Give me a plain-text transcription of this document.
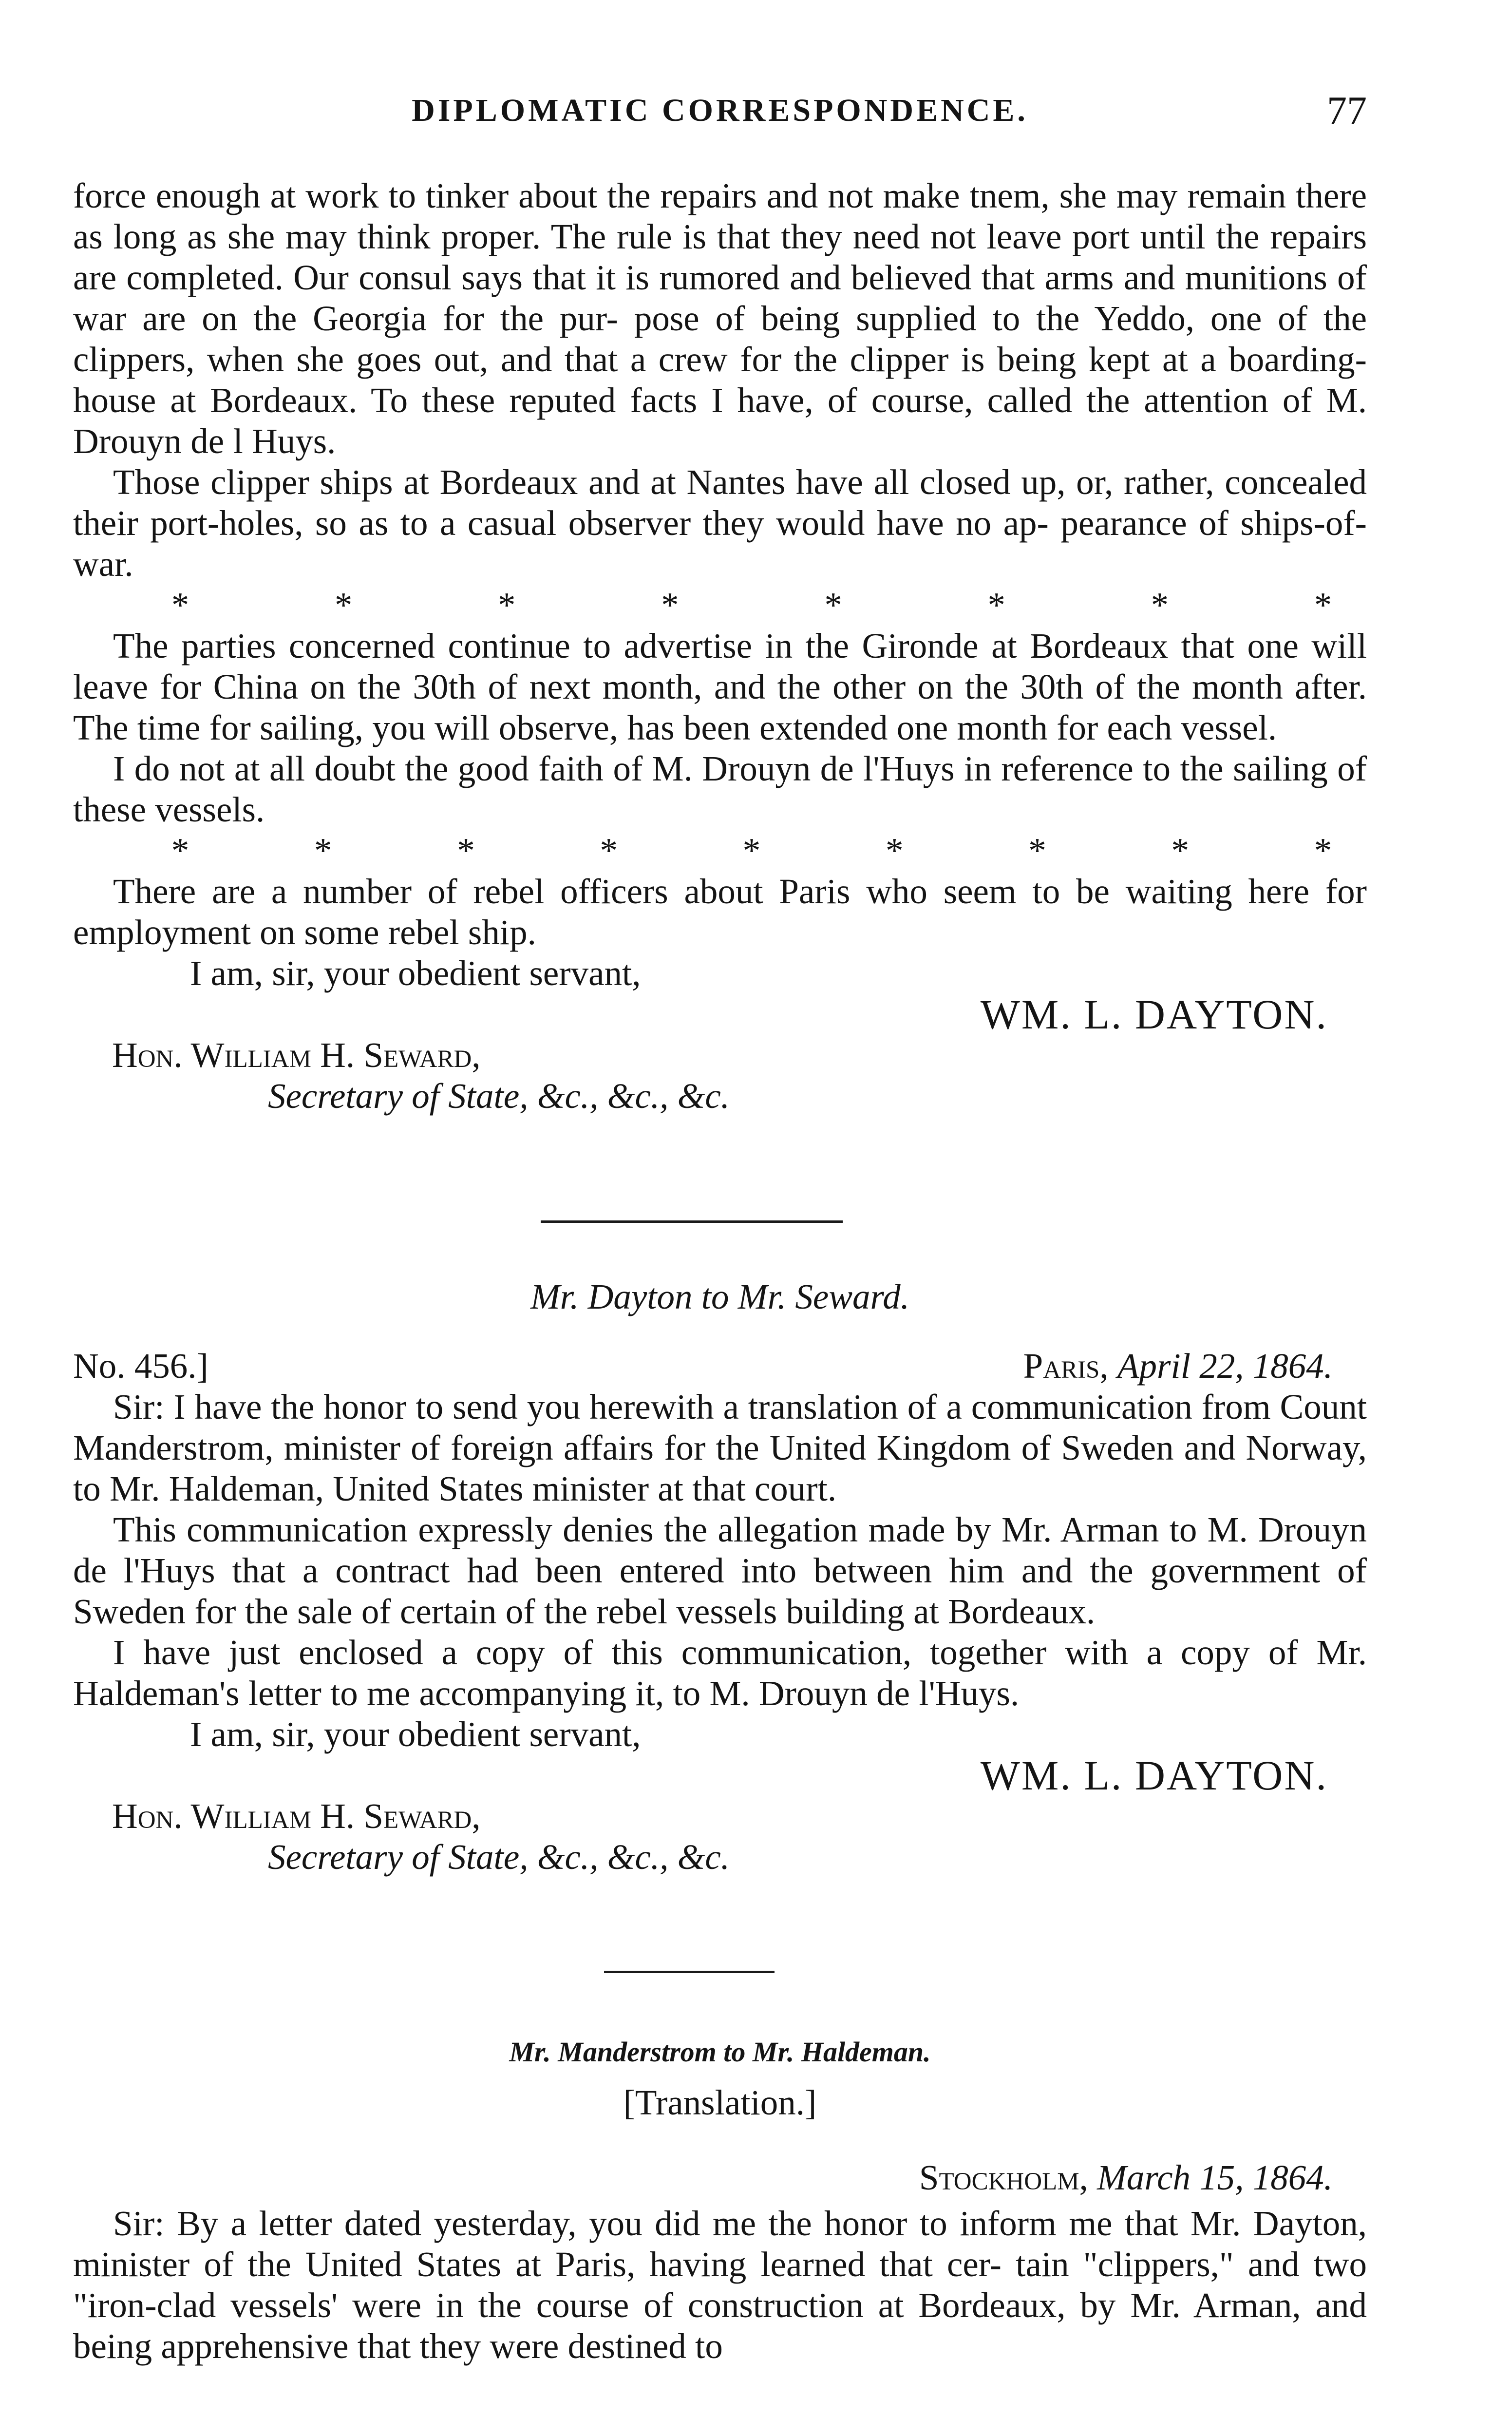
DIPLOMATIC CORRESPONDENCE.	77

force enough at work to tinker about the repairs and not make tnem, she may remain there as long as she may think proper. The rule is that they need not leave port until the repairs are completed. Our consul says that it is rumored and believed that arms and munitions of war are on the Georgia for the pur- pose of being supplied to the Yeddo, one of the clippers, when she goes out, and that a crew for the clipper is being kept at a boarding-house at Bordeaux. To these reputed facts I have, of course, called the attention of M. Drouyn de l Huys.

Those clipper ships at Bordeaux and at Nantes have all closed up, or, rather, concealed their port-holes, so as to a casual observer they would have no ap- pearance of ships-of-war.

*	*	*	*	*	*	*	*

The parties concerned continue to advertise in the Gironde at Bordeaux that one will leave for China on the 30th of next month, and the other on the 30th of the month after. The time for sailing, you will observe, has been extended one month for each vessel.

I do not at all doubt the good faith of M. Drouyn de l'Huys in reference to the sailing of these vessels.

*	*	*	*	*	*	*	*	*

There are a number of rebel officers about Paris who seem to be waiting here for employment on some rebel ship.

I am, sir, your obedient servant,
WM. L. DAYTON.
Hon. William H. Seward,
Secretary of State, &c., &c., &c.
Mr. Dayton to Mr. Seward.
No. 456.]	Paris, April 22, 1864.

Sir: I have the honor to send you herewith a translation of a communication from Count Manderstrom, minister of foreign affairs for the United Kingdom of Sweden and Norway, to Mr. Haldeman, United States minister at that court.

This communication expressly denies the allegation made by Mr. Arman to M. Drouyn de l'Huys that a contract had been entered into between him and the government of Sweden for the sale of certain of the rebel vessels building at Bordeaux.

I have just enclosed a copy of this communication, together with a copy of Mr. Haldeman's letter to me accompanying it, to M. Drouyn de l'Huys.

I am, sir, your obedient servant,
WM. L. DAYTON.
Hon. William H. Seward,
Secretary of State, &c., &c., &c.
Mr. Manderstrom to Mr. Haldeman.
[Translation.]
Stockholm, March 15, 1864.

Sir: By a letter dated yesterday, you did me the honor to inform me that Mr. Dayton, minister of the United States at Paris, having learned that cer- tain "clippers," and two "iron-clad vessels' were in the course of construction at Bordeaux, by Mr. Arman, and being apprehensive that they were destined to
